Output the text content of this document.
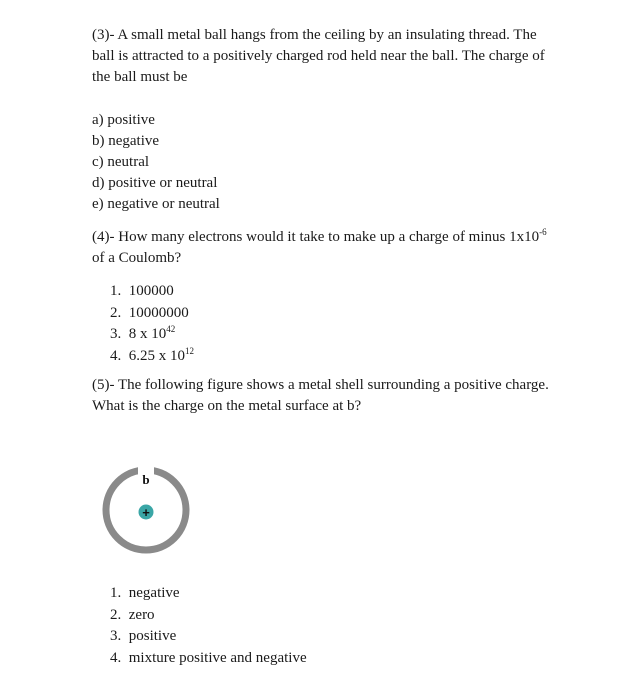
(3)- A small metal ball hangs from the ceiling by an insulating thread. The
ball is attracted to a positively charged rod held near the ball. The charge of
the ball must be
a) positive
b) negative
c) neutral
d) positive or neutral
e) negative or neutral
(4)- How many electrons would it take to make up a charge of minus $1x10^{-6}$
of a Coulomb?
1. 100000
2. 10000000
3. 8 x $10^{42}$
4. 6.25 x $10^{12}$
(5)- The following figure shows a metal shell surrounding a positive charge.
What is the charge on the metal surface at b?
b
+
1. negative
2. zero
3. positive
4. mixture positive and negative
